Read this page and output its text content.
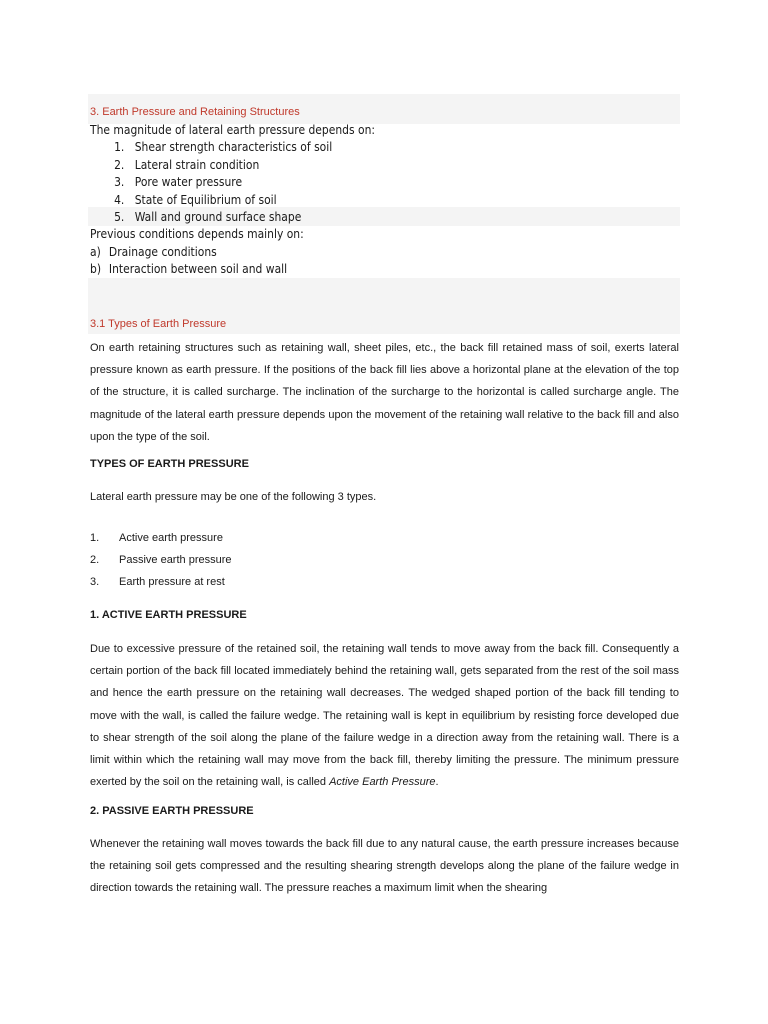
3. Earth Pressure and Retaining Structures
The magnitude of lateral earth pressure depends on:
1. Shear strength characteristics of soil
2. Lateral strain condition
3. Pore water pressure
4. State of Equilibrium of soil
5. Wall and ground surface shape
Previous conditions depends mainly on:
a) Drainage conditions
b) Interaction between soil and wall
3.1 Types of Earth Pressure
On earth retaining structures such as retaining wall, sheet piles, etc., the back fill retained mass of soil, exerts lateral pressure known as earth pressure. If the positions of the back fill lies above a horizontal plane at the elevation of the top of the structure, it is called surcharge. The inclination of the surcharge to the horizontal is called surcharge angle. The magnitude of the lateral earth pressure depends upon the movement of the retaining wall relative to the back fill and also upon the type of the soil.
TYPES OF EARTH PRESSURE
Lateral earth pressure may be one of the following 3 types.
1. Active earth pressure
2. Passive earth pressure
3. Earth pressure at rest
1. ACTIVE EARTH PRESSURE
Due to excessive pressure of the retained soil, the retaining wall tends to move away from the back fill. Consequently a certain portion of the back fill located immediately behind the retaining wall, gets separated from the rest of the soil mass and hence the earth pressure on the retaining wall decreases. The wedged shaped portion of the back fill tending to move with the wall, is called the failure wedge. The retaining wall is kept in equilibrium by resisting force developed due to shear strength of the soil along the plane of the failure wedge in a direction away from the retaining wall. There is a limit within which the retaining wall may move from the back fill, thereby limiting the pressure. The minimum pressure exerted by the soil on the retaining wall, is called Active Earth Pressure.
2. PASSIVE EARTH PRESSURE
Whenever the retaining wall moves towards the back fill due to any natural cause, the earth pressure increases because the retaining soil gets compressed and the resulting shearing strength develops along the plane of the failure wedge in direction towards the retaining wall. The pressure reaches a maximum limit when the shearing
